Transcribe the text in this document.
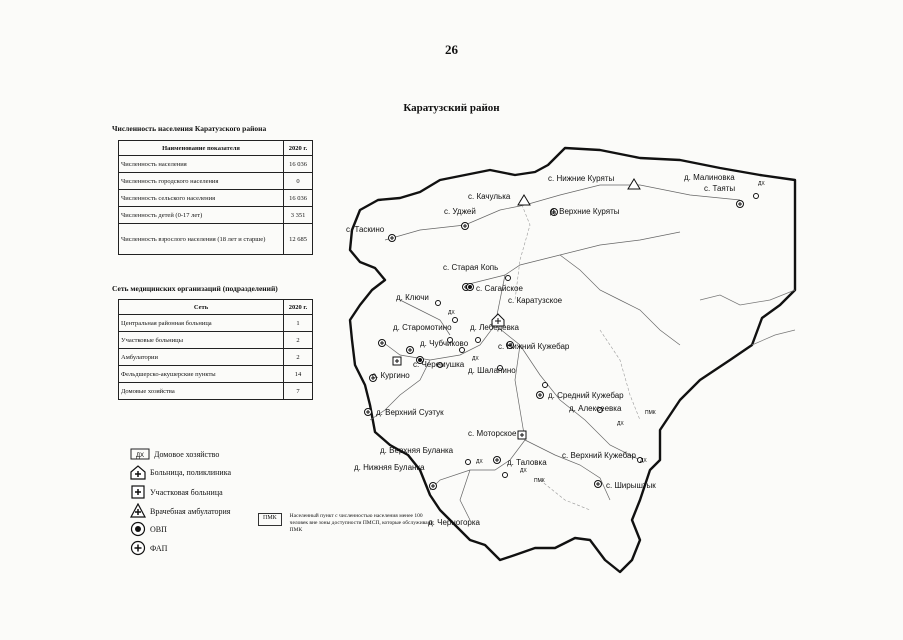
26
Каратузский район
Численность населения Каратузского района
Наименование показателя	2020 г.
Численность населения	16 036
Численность городского населения	0
Численность сельского населения	16 036
Численность детей (0-17 лет)	3 351
Численность взрослого населения (18 лет и старше)	12 685
Сеть медицинских организаций (подразделений)
Сеть	2020 г.
Центральная районная больница	1
Участковые больницы	2
Амбулатории	2
Фельдшерско-акушерские пункты	14
Домовые хозяйства	7
ДХ Домовое хозяйство
Больница, поликлиника
Участковая больница
Врачебная амбулатория
ОВП
ФАП
ПМК	Населенный пункт с численностью населения менее 100 человек вне зоны доступности ПМСП, которые обслуживают ПМК
ДХ
ДХ
ДХ
ДХ
ДХ
ДХ
ДХ
ПМК
ПМК
д. Малиновка
с. Таяты
с. Нижние Куряты
с. Качулька
д. Верхние Куряты
с. Уджей
с. Таскино
с. Старая Копь
с. Сагайское
с. Каратузское
д. Ключи
д. Старомотино д. Лебедевка
д. Чубчиково	с. Нижний Кужебар
с. Черемушка
с. Кургино
д. Шалапино
д. Средний Кужебар
д. Алексеевка
д. Верхний Суэтук
с. Моторское
с. Верхний Кужебар
д. Верхняя Буланка
д. Нижняя Буланка
д. Таловка
с. Ширыштык
д. Черногорка
